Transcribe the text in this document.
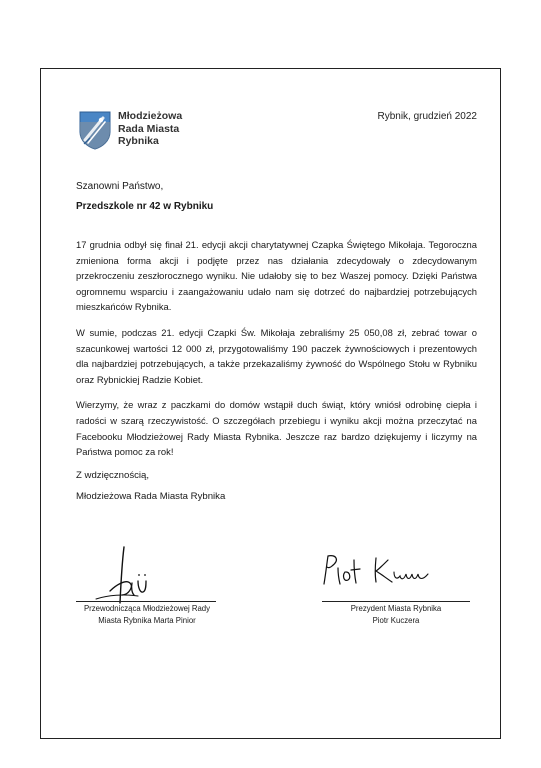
Młodzieżowa
Rada Miasta
Rybnika
Rybnik, grudzień 2022
Szanowni Państwo,
Przedszkole nr 42 w Rybniku

17 grudnia odbył się finał 21. edycji akcji charytatywnej Czapka Świętego Mikołaja. Tegoroczna zmieniona forma akcji i podjęte przez nas działania zdecydowały o zdecydowanym przekroczeniu zeszłorocznego wyniku. Nie udałoby się to bez Waszej pomocy. Dzięki Państwa ogromnemu wsparciu i zaangażowaniu udało nam się dotrzeć do najbardziej potrzebujących mieszkańców Rybnika.

W sumie, podczas 21. edycji Czapki Św. Mikołaja zebraliśmy 25 050,08 zł, zebrać towar o szacunkowej wartości 12 000 zł, przygotowaliśmy 190 paczek żywnościowych i prezentowych dla najbardziej potrzebujących, a także przekazaliśmy żywność do Wspólnego Stołu w Rybniku oraz Rybnickiej Radzie Kobiet.

Wierzymy, że wraz z paczkami do domów wstąpił duch świąt, który wniósł odrobinę ciepła i radości w szarą rzeczywistość. O szczegółach przebiegu i wyniku akcji można przeczytać na Facebooku Młodzieżowej Rady Miasta Rybnika. Jeszcze raz bardzo dziękujemy i liczymy na Państwa pomoc za rok!

Z wdzięcznością,
Młodzieżowa Rada Miasta Rybnika
Przewodnicząca Młodzieżowej Rady
Miasta Rybnika Marta Pinior
Prezydent Miasta Rybnika
Piotr Kuczera
